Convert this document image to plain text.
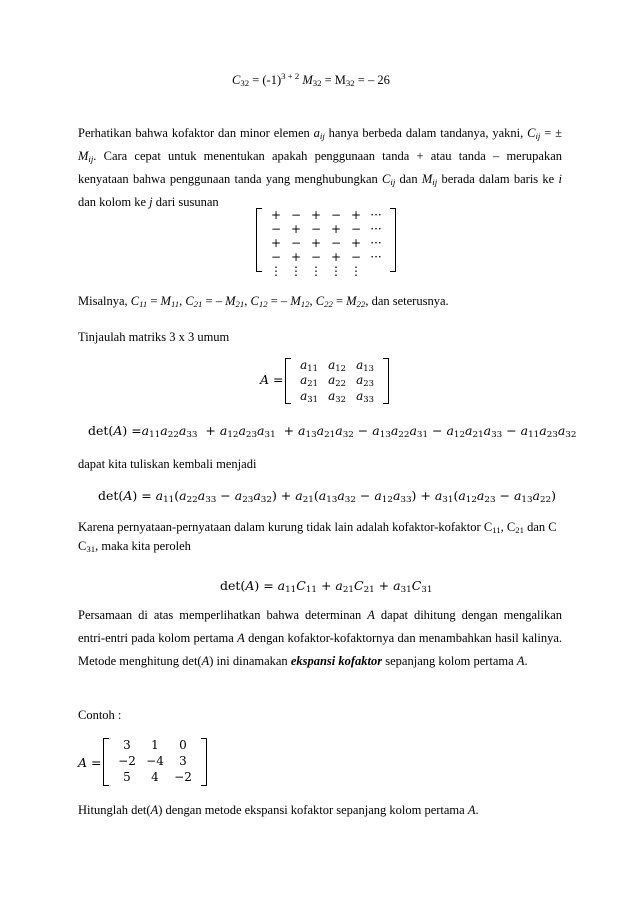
$C_{32} = (-1)^{3 + 2}$ $M_{32} = M_{32}$ = – 26
Perhatikan bahwa kofaktor dan minor elemen $a_{ij}$ hanya berbeda dalam tandanya, yakni, $C_{ij}$ = ± $M_{ij}$. Cara cepat untuk menentukan apakah penggunaan tanda + atau tanda – merupakan kenyataan bahwa penggunaan tanda yang menghubungkan $C_{ij}$ dan $M_{ij}$ berada dalam baris ke i dan kolom ke j dari susunan
+ − + − + ···
− + − + − ···
+ − + − + ···
− + − + − ···
⋮ ⋮ ⋮ ⋮ ⋮
Misalnya, $C_{11} = M_{11}$, $C_{21}$ = – $M_{21}$, $C_{12}$ = – $M_{12}$, $C_{22} = M_{22}$, dan seterusnya.
Tinjaulah matriks 3 x 3 umum
A =
$a_{11}$ $a_{12}$ $a_{13}$
$a_{21}$ $a_{22}$ $a_{23}$
$a_{31}$ $a_{32}$ $a_{33}$
$\det(A) =a_{11}a_{22}a_{33} + a_{12}a_{23}a_{31} + a_{13}a_{21}a_{32} - a_{13}a_{22}a_{31} - a_{12}a_{21}a_{33} - a_{11}a_{23}a_{32}$
dapat kita tuliskan kembali menjadi
$\det(A) = a_{11}(a_{22}a_{33} - a_{23}a_{32}) + a_{21}(a_{13}a_{32} - a_{12}a_{33}) + a_{31}(a_{12}a_{23} - a_{13}a_{22})$
Karena pernyataan-pernyataan dalam kurung tidak lain adalah kofaktor-kofaktor $C_{11}$, $C_{21}$ dan C

$C_{31}$, maka kita peroleh
$\det(A) = a_{11}C_{11} + a_{21}C_{21} + a_{31}C_{31}$
Persamaan di atas memperlihatkan bahwa determinan A dapat dihitung dengan mengalikan entri-entri pada kolom pertama A dengan kofaktor-kofaktornya dan menambahkan hasil kalinya. Metode menghitung det(A) ini dinamakan ekspansi kofaktor sepanjang kolom pertama A.
Contoh :
A =
3	1	0
−2 −4	3
5	4	−2
Hitunglah det(A) dengan metode ekspansi kofaktor sepanjang kolom pertama A.
